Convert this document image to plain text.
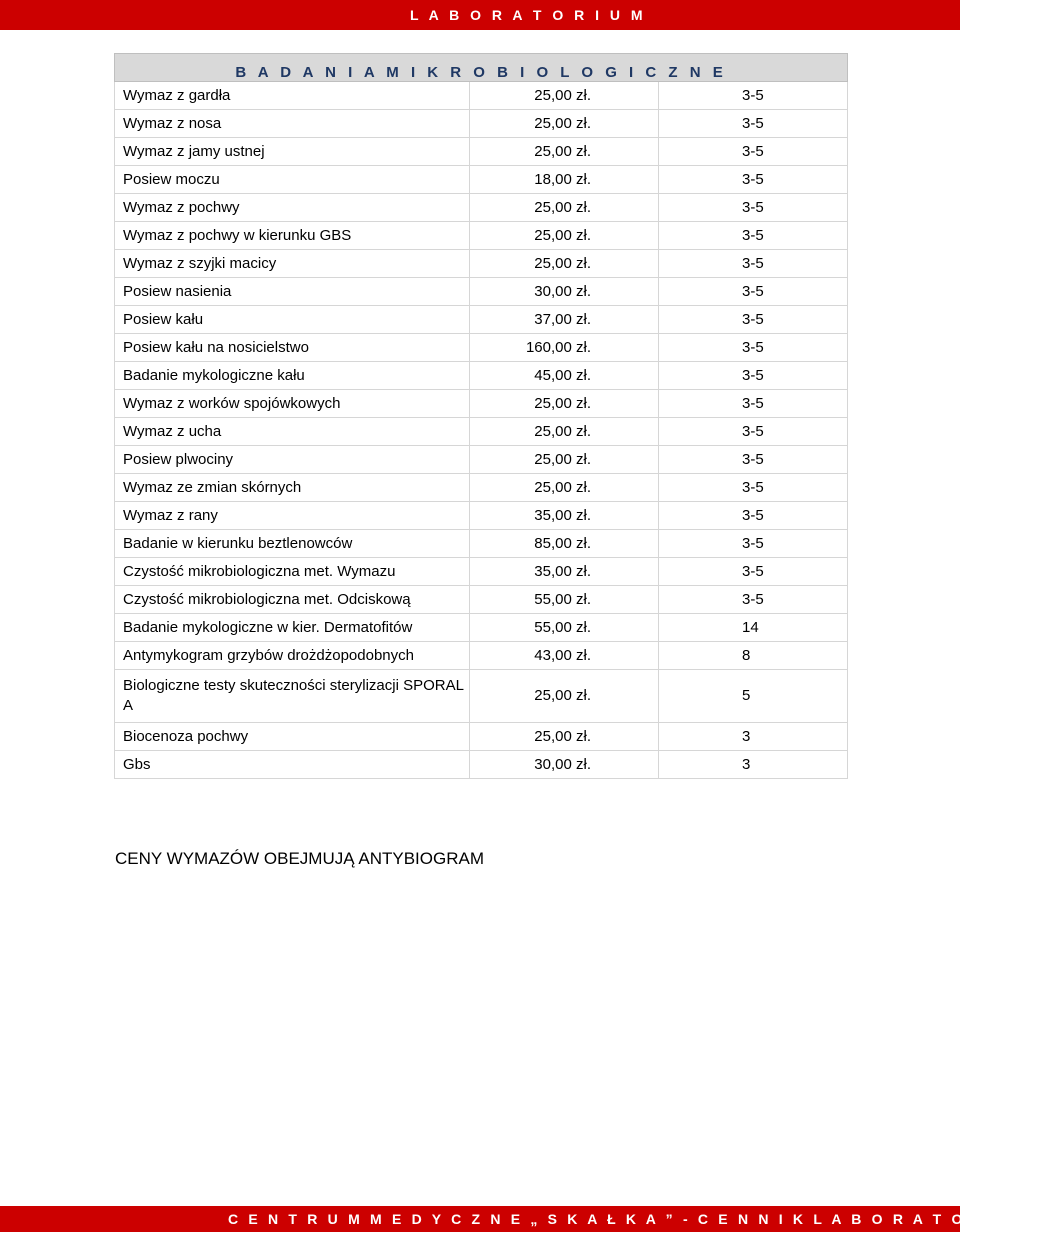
L A B O R A T O R I U M
B A D A N I A M I K R O B I O L O G I C Z N E		
Wymaz z gardła	25,00 zł.	3-5
Wymaz z nosa	25,00 zł.	3-5
Wymaz z jamy ustnej	25,00 zł.	3-5
Posiew moczu	18,00 zł.	3-5
Wymaz z pochwy	25,00 zł.	3-5
Wymaz z pochwy w kierunku GBS	25,00 zł.	3-5
Wymaz z szyjki macicy	25,00 zł.	3-5
Posiew nasienia	30,00 zł.	3-5
Posiew kału	37,00 zł.	3-5
Posiew kału na nosicielstwo	160,00 zł.	3-5
Badanie mykologiczne kału	45,00 zł.	3-5
Wymaz z worków spojówkowych	25,00 zł.	3-5
Wymaz z ucha	25,00 zł.	3-5
Posiew plwociny	25,00 zł.	3-5
Wymaz ze zmian skórnych	25,00 zł.	3-5
Wymaz z rany	35,00 zł.	3-5
Badanie w kierunku beztlenowców	85,00 zł.	3-5
Czystość mikrobiologiczna met. Wymazu	35,00 zł.	3-5
Czystość mikrobiologiczna met. Odciskową	55,00 zł.	3-5
Badanie mykologiczne w kier. Dermatofitów	55,00 zł.	14
Antymykogram grzybów drożdżopodobnych	43,00 zł.	8
Biologiczne testy skuteczności sterylizacji SPORAL A	25,00 zł.	5
Biocenoza pochwy	25,00 zł.	3
Gbs	30,00 zł.	3
CENY WYMAZÓW OBEJMUJĄ ANTYBIOGRAM
C E N T R U M M E D Y C Z N E „ S K A Ł K A ” - C E N N I K L A B O R A T O R I U M
